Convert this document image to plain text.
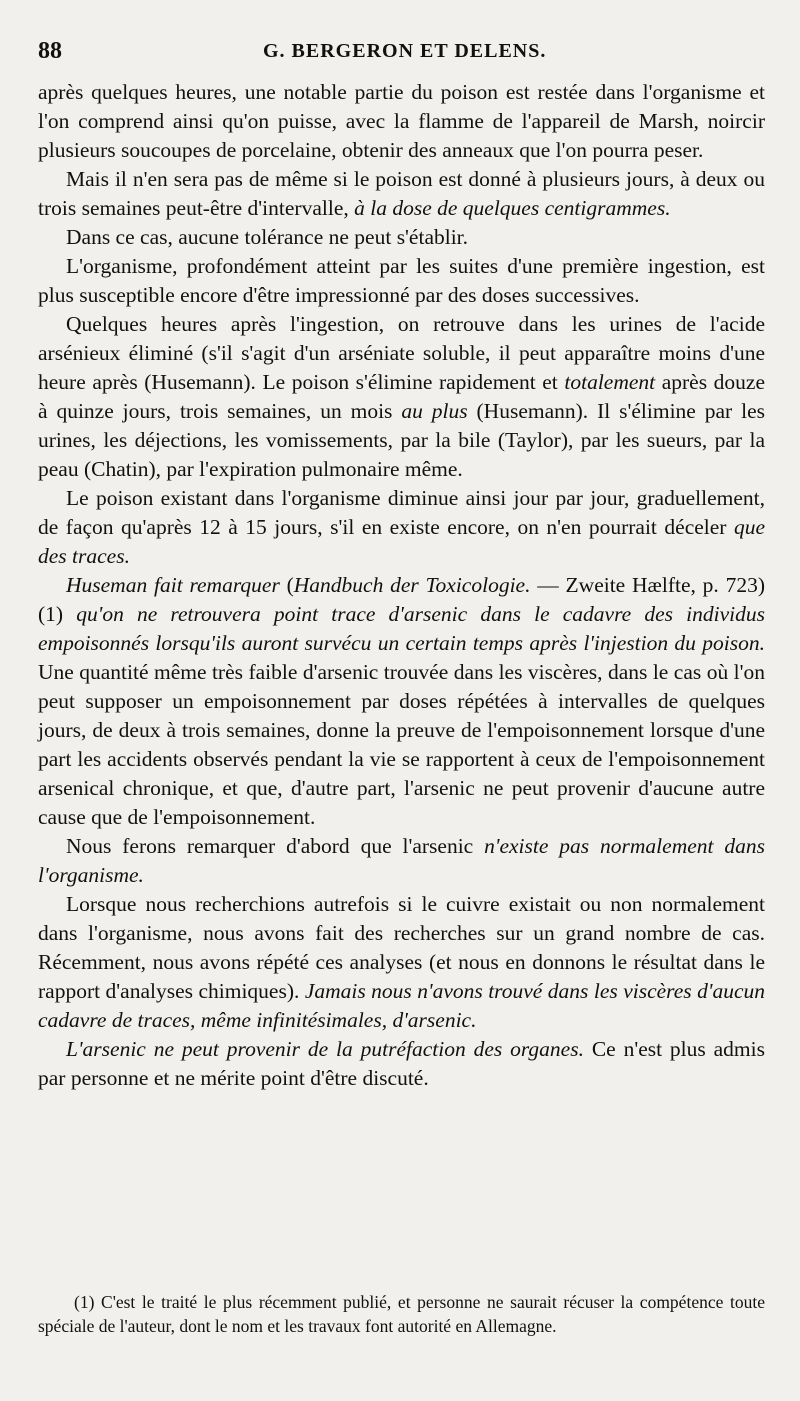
88	G. BERGERON ET DELENS.

après quelques heures, une notable partie du poison est restée dans l'organisme et l'on comprend ainsi qu'on puisse, avec la flamme de l'appareil de Marsh, noircir plusieurs soucoupes de porcelaine, obtenir des anneaux que l'on pourra peser.

Mais il n'en sera pas de même si le poison est donné à plusieurs jours, à deux ou trois semaines peut-être d'intervalle, à la dose de quelques centigrammes.

Dans ce cas, aucune tolérance ne peut s'établir.

L'organisme, profondément atteint par les suites d'une première ingestion, est plus susceptible encore d'être impressionné par des doses successives.

Quelques heures après l'ingestion, on retrouve dans les urines de l'acide arsénieux éliminé (s'il s'agit d'un arséniate soluble, il peut apparaître moins d'une heure après (Husemann). Le poison s'élimine rapidement et totalement après douze à quinze jours, trois semaines, un mois au plus (Husemann). Il s'élimine par les urines, les déjections, les vomissements, par la bile (Taylor), par les sueurs, par la peau (Chatin), par l'expiration pulmonaire même.

Le poison existant dans l'organisme diminue ainsi jour par jour, graduellement, de façon qu'après 12 à 15 jours, s'il en existe encore, on n'en pourrait déceler que des traces.

Huseman fait remarquer (Handbuch der Toxicologie. — Zweite Hælfte, p. 723) (1) qu'on ne retrouvera point trace d'arsenic dans le cadavre des individus empoisonnés lorsqu'ils auront survécu un certain temps après l'injestion du poison. Une quantité même très faible d'arsenic trouvée dans les viscères, dans le cas où l'on peut supposer un empoisonnement par doses répétées à intervalles de quelques jours, de deux à trois semaines, donne la preuve de l'empoisonnement lorsque d'une part les accidents observés pendant la vie se rapportent à ceux de l'empoisonnement arsenical chronique, et que, d'autre part, l'arsenic ne peut provenir d'aucune autre cause que de l'empoisonnement.

Nous ferons remarquer d'abord que l'arsenic n'existe pas normalement dans l'organisme.

Lorsque nous recherchions autrefois si le cuivre existait ou non normalement dans l'organisme, nous avons fait des recherches sur un grand nombre de cas. Récemment, nous avons répété ces analyses (et nous en donnons le résultat dans le rapport d'analyses chimiques). Jamais nous n'avons trouvé dans les viscères d'aucun cadavre de traces, même infinitésimales, d'arsenic.

L'arsenic ne peut provenir de la putréfaction des organes. Ce n'est plus admis par personne et ne mérite point d'être discuté.

(1) C'est le traité le plus récemment publié, et personne ne saurait récuser la compétence toute spéciale de l'auteur, dont le nom et les travaux font autorité en Allemagne.
